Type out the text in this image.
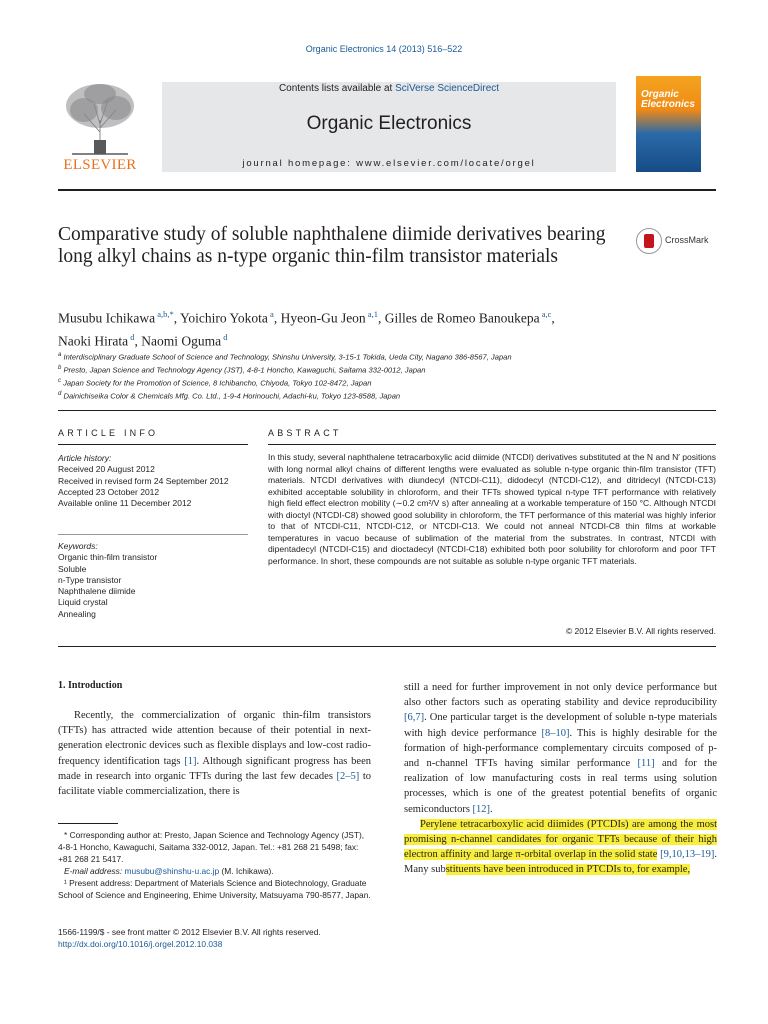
Organic Electronics 14 (2013) 516–522
ELSEVIER
Contents lists available at SciVerse ScienceDirect
Organic Electronics
journal homepage: www.elsevier.com/locate/orgel
Organic
Electronics
Comparative study of soluble naphthalene diimide derivatives bearing long alkyl chains as n-type organic thin-film transistor materials
CrossMark
Musubu Ichikawa $^{a,b,*}$, Yoichiro Yokota $^a$, Hyeon-Gu Jeon $^{a,1}$, Gilles de Romeo Banoukepa $^{a,c}$,
Naoki Hirata $^d$, Naomi Oguma $^d$
$^a$ Interdisciplinary Graduate School of Science and Technology, Shinshu University, 3-15-1 Tokida, Ueda City, Nagano 386-8567, Japan
$^b$ Presto, Japan Science and Technology Agency (JST), 4-8-1 Honcho, Kawaguchi, Saitama 332-0012, Japan
$^c$ Japan Society for the Promotion of Science, 8 Ichibancho, Chiyoda, Tokyo 102-8472, Japan
$^d$ Dainichiseika Color & Chemicals Mfg. Co. Ltd., 1-9-4 Horinouchi, Adachi-ku, Tokyo 123-8588, Japan
ARTICLE INFO	ABSTRACT
Article history:
Received 20 August 2012
Received in revised form 24 September 2012
Accepted 23 October 2012
Available online 11 December 2012
Keywords:
Organic thin-film transistor
Soluble
n-Type transistor
Naphthalene diimide
Liquid crystal
Annealing
In this study, several naphthalene tetracarboxylic acid diimide (NTCDI) derivatives substituted at the N and N′ positions with long normal alkyl chains of different lengths were evaluated as soluble n-type organic thin-film transistor (TFT) materials. NTCDI derivatives with diundecyl (NTCDI-C11), didodecyl (NTCDI-C12), and ditridecyl (NTCDI-C13) exhibited acceptable solubility in chloroform, and their TFTs showed typical n-type TFT performance with relatively high field effect electron mobility (∼0.2 cm²/V s) after annealing at a workable temperature of 150 °C. Although NTCDI with dioctyl (NTCDI-C8) showed good solubility in chloroform, the TFT performance of this material was highly inferior to that of NTCDI-C11, NTCDI-C12, or NTCDI-C13. We could not anneal NTCDI-C8 thin films at workable temperatures in vacuo because of sublimation of the material from the substrates. In contrast, NTCDI with dipentadecyl (NTCDI-C15) and dioctadecyl (NTCDI-C18) exhibited both poor solubility for chloroform and poor TFT performance. In short, these compounds are not suitable as soluble n-type organic TFT materials.
© 2012 Elsevier B.V. All rights reserved.
1. Introduction
Recently, the commercialization of organic thin-film transistors (TFTs) has attracted wide attention because of their potential in next-generation electronic devices such as flexible displays and low-cost radio-frequency identification tags [1]. Although significant progress has been made in research into organic TFTs during the last few decades [2–5] to facilitate viable commercialization, there is
still a need for further improvement in not only device performance but also other factors such as operating stability and device reproducibility [6,7]. One particular target is the development of soluble n-type materials with high device performance [8–10]. This is highly desirable for the formation of high-performance complementary circuits composed of p- and n-channel TFTs having similar performance [11] and for the realization of low manufacturing costs in real terms using solution processes, which is one of the greatest potential benefits of organic semiconductors [12].
Perylene tetracarboxylic acid diimides (PTCDIs) are among the most promising n-channel candidates for organic TFTs because of their high electron affinity and large π-orbital overlap in the solid state [9,10,13–19]. Many substituents have been introduced in PTCDIs to, for example,

* Corresponding author at: Presto, Japan Science and Technology Agency (JST), 4-8-1 Honcho, Kawaguchi, Saitama 332-0012, Japan. Tel.: +81 268 21 5498; fax: +81 268 21 5417.

E-mail address: musubu@shinshu-u.ac.jp (M. Ichikawa).

¹ Present address: Department of Materials Science and Biotechnology, Graduate School of Science and Engineering, Ehime University, Matsuyama 790-8577, Japan.

1566-1199/$ - see front matter © 2012 Elsevier B.V. All rights reserved.
http://dx.doi.org/10.1016/j.orgel.2012.10.038
